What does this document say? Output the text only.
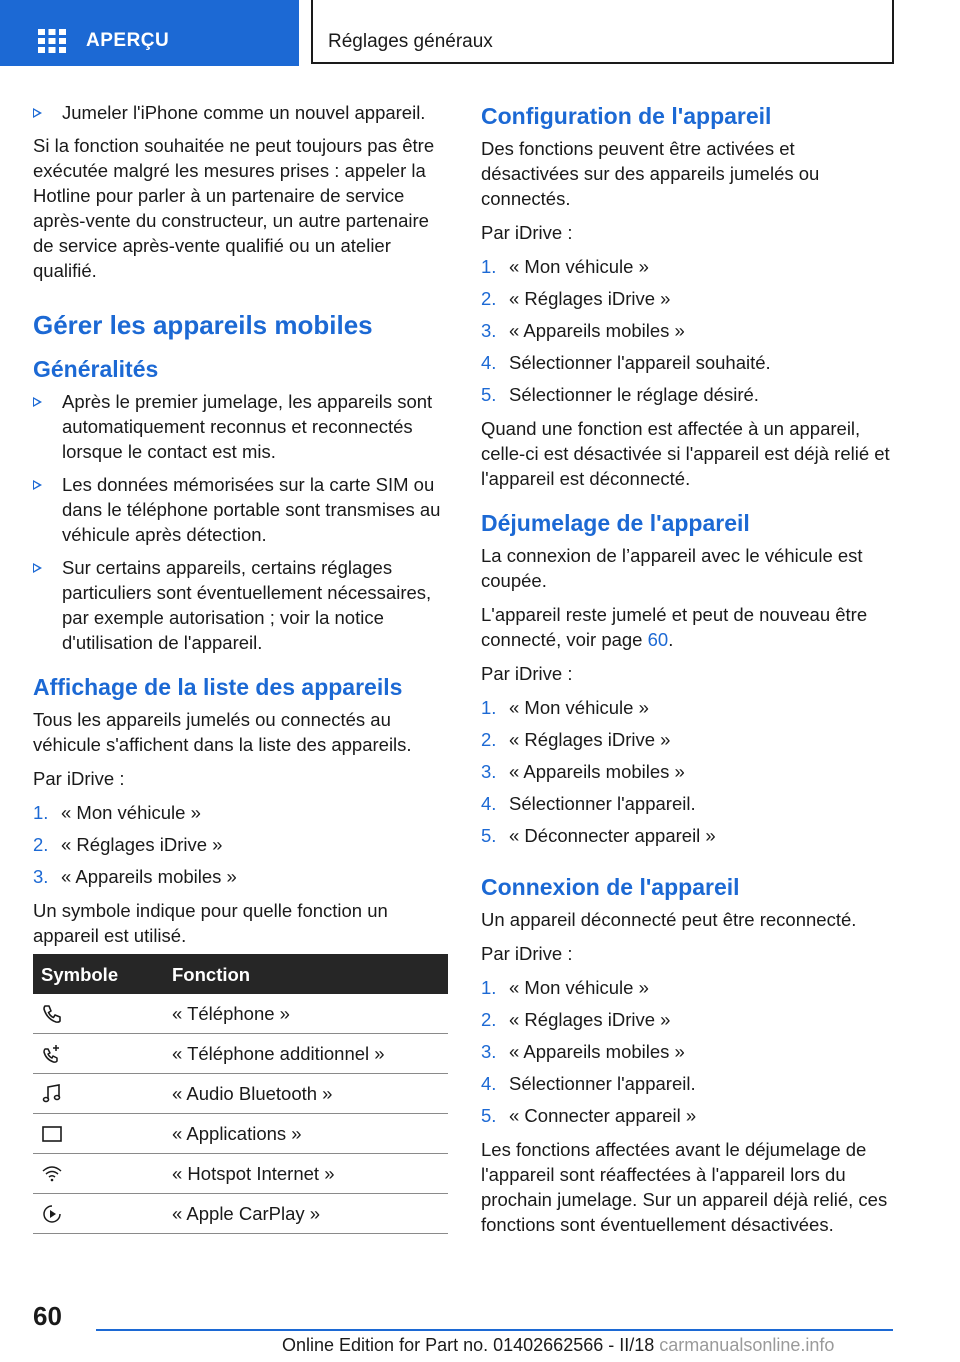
APERÇU	Réglages généraux
Jumeler l'iPhone comme un nouvel appareil.

Si la fonction souhaitée ne peut toujours pas être exécutée malgré les mesures prises : appeler la Hotline pour parler à un partenaire de service après-vente du constructeur, un autre partenaire de service après-vente qualifié ou un atelier qualifié.

Gérer les appareils mobiles
Généralités
Après le premier jumelage, les appareils sont automatiquement reconnus et reconnectés lorsque le contact est mis.
Les données mémorisées sur la carte SIM ou dans le téléphone portable sont transmises au véhicule après détection.
Sur certains appareils, certains réglages particuliers sont éventuellement nécessaires, par exemple autorisation ; voir la notice d'utilisation de l'appareil.
Affichage de la liste des appareils

Tous les appareils jumelés ou connectés au véhicule s'affichent dans la liste des appareils.

Par iDrive :

1. « Mon véhicule »
2. « Réglages iDrive »
3. « Appareils mobiles »

Un symbole indique pour quelle fonction un appareil est utilisé.

Symbole	Fonction

	« Téléphone »

	« Téléphone additionnel »

	« Audio Bluetooth »

	« Applications »

	« Hotspot Internet »

	« Apple CarPlay »
Configuration de l'appareil

Des fonctions peuvent être activées et désactivées sur des appareils jumelés ou connectés.

Par iDrive :

1. « Mon véhicule »
2. « Réglages iDrive »
3. « Appareils mobiles »
4. Sélectionner l'appareil souhaité.
5. Sélectionner le réglage désiré.

Quand une fonction est affectée à un appareil, celle-ci est désactivée si l'appareil est déjà relié et l'appareil est déconnecté.

Déjumelage de l'appareil

La connexion de l’appareil avec le véhicule est coupée.

L'appareil reste jumelé et peut de nouveau être connecté, voir page 60.

Par iDrive :

1. « Mon véhicule »
2. « Réglages iDrive »
3. « Appareils mobiles »
4. Sélectionner l'appareil.
5. « Déconnecter appareil »
Connexion de l'appareil

Un appareil déconnecté peut être reconnecté.

Par iDrive :

1. « Mon véhicule »
2. « Réglages iDrive »
3. « Appareils mobiles »
4. Sélectionner l'appareil.
5. « Connecter appareil »

Les fonctions affectées avant le déjumelage de l'appareil sont réaffectées à l'appareil lors du prochain jumelage. Sur un appareil déjà relié, ces fonctions sont éventuellement désactivées.

60
Online Edition for Part no. 01402662566 - II/18 carmanualsonline.info
